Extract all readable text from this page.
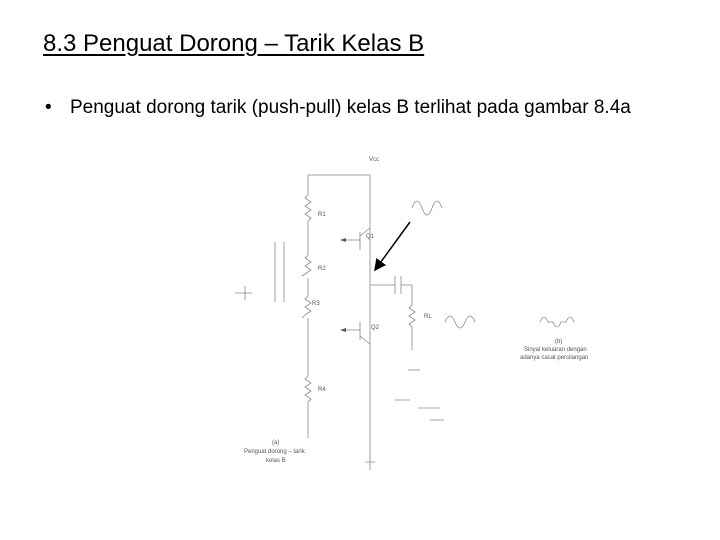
8.3 Penguat Dorong – Tarik Kelas B
• Penguat dorong tarik (push-pull) kelas B terlihat pada gambar 8.4a
Vcc
R1
R2
R3
R4
Q1
Q2
RL
(a)
Penguat dorong – tarik
kelas B
(b)
Sinyal keluaran dengan
adanya cacat persilangan
